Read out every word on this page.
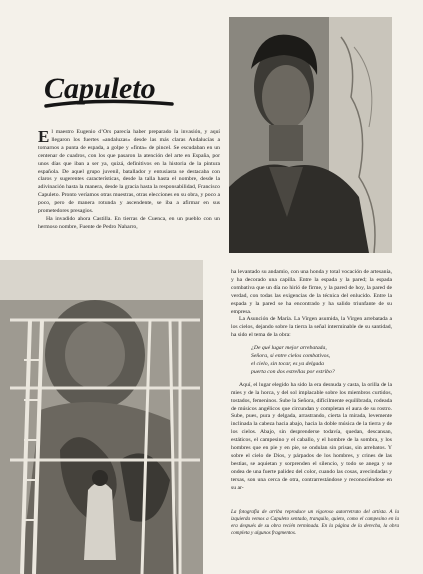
Capuleto

El maestro Eugenio d’Ors parecía haber preparado la invasión, y aquí llegaron los fuertes «andaluzas» desde las más claras Andalucías a tomarnos a punta de espada, a golpe y «finta» de pincel. Se escudaban en un centenar de cuadros, con los que pasaron la atención del arte en España, por unos días que iban a ser ya, quizá, definitivos en la historia de la pintura española. De aquel grupo juvenil, batallador y entusiasta se destacaba con claros y sugerentes características, desde la talla hasta el nombre, desde la adivinación hasta la manera, desde la gracia hasta la responsabilidad, Francisco Capuleto. Pronto veríamos otras muestras, otras elecciones en su obra, y poco a poco, pero de manera rotunda y ascendente, se iba a afirmar en sus prometedores presagios.

Ha invadido ahora Castilla. En tierras de Cuenca, en un pueblo con un hermoso nombre, Fuente de Pedro Naharro,

ha levantado su andamio, con una honda y total vocación de artesanía, y ha decorado una capilla. Entre la espada y la pared; la espada combativa que un día no hirió de firme, y la pared de hoy, la pared de verdad, con todas las exigencias de la técnica del enlucido. Entre la espada y la pared se ha encontrado y ha salido triunfante de su empresa.

La Asunción de María. La Virgen asumida, la Virgen arrebatada a los cielos, dejando sobre la tierra la señal interminable de su santidad, ha sido el tema de la obra:

¿De qué lugar mejor arrebatada,
Señora, si entre cielos combativos,
el cielo, sin tocar, es ya delgada
puerta con dos estrellas por estribo?

Aquí, el lugar elegido ha sido la era desnuda y casta, la orilla de la mies y de la horca, y del sol implacable sobre los miembros curtidos, tostados, femeninos. Sube la Señora, difícilmente equilibrada, rodeada de músicos angélicos que circundan y completan el aura de su rostro. Sube, pues, pura y delgada, arrastrando, cierta la mirada, levemente inclinada la cabeza hacia abajo, hacia la doble música de la tierra y de los cielos. Abajo, sin desprenderse todavía, quedan, descansan, estáticos, el campesino y el caballo, y el hombre de la sombra, y los hombres que en pie y en pie, se ondulan sin prisas, sin arrebatos. Y sobre el cielo de Dios, y párpados de los hombres, y crines de las bestias, se aquietan y sorprenden el silencio, y todo se anega y se ondea de una fuerte palidez del color, cuando las cosas, avecindadas y tersas, son una cerca de otra, contrarrestándose y reconociéndose en su ar-

La fotografía de arriba reproduce un vigoroso autorretrato del artista. A la izquierda vemos a Capuleto sentado, tranquilo, quieto, como el campesino en la era después de su obra recién terminada. En la página de la derecha, la obra completa y algunos fragmentos.
